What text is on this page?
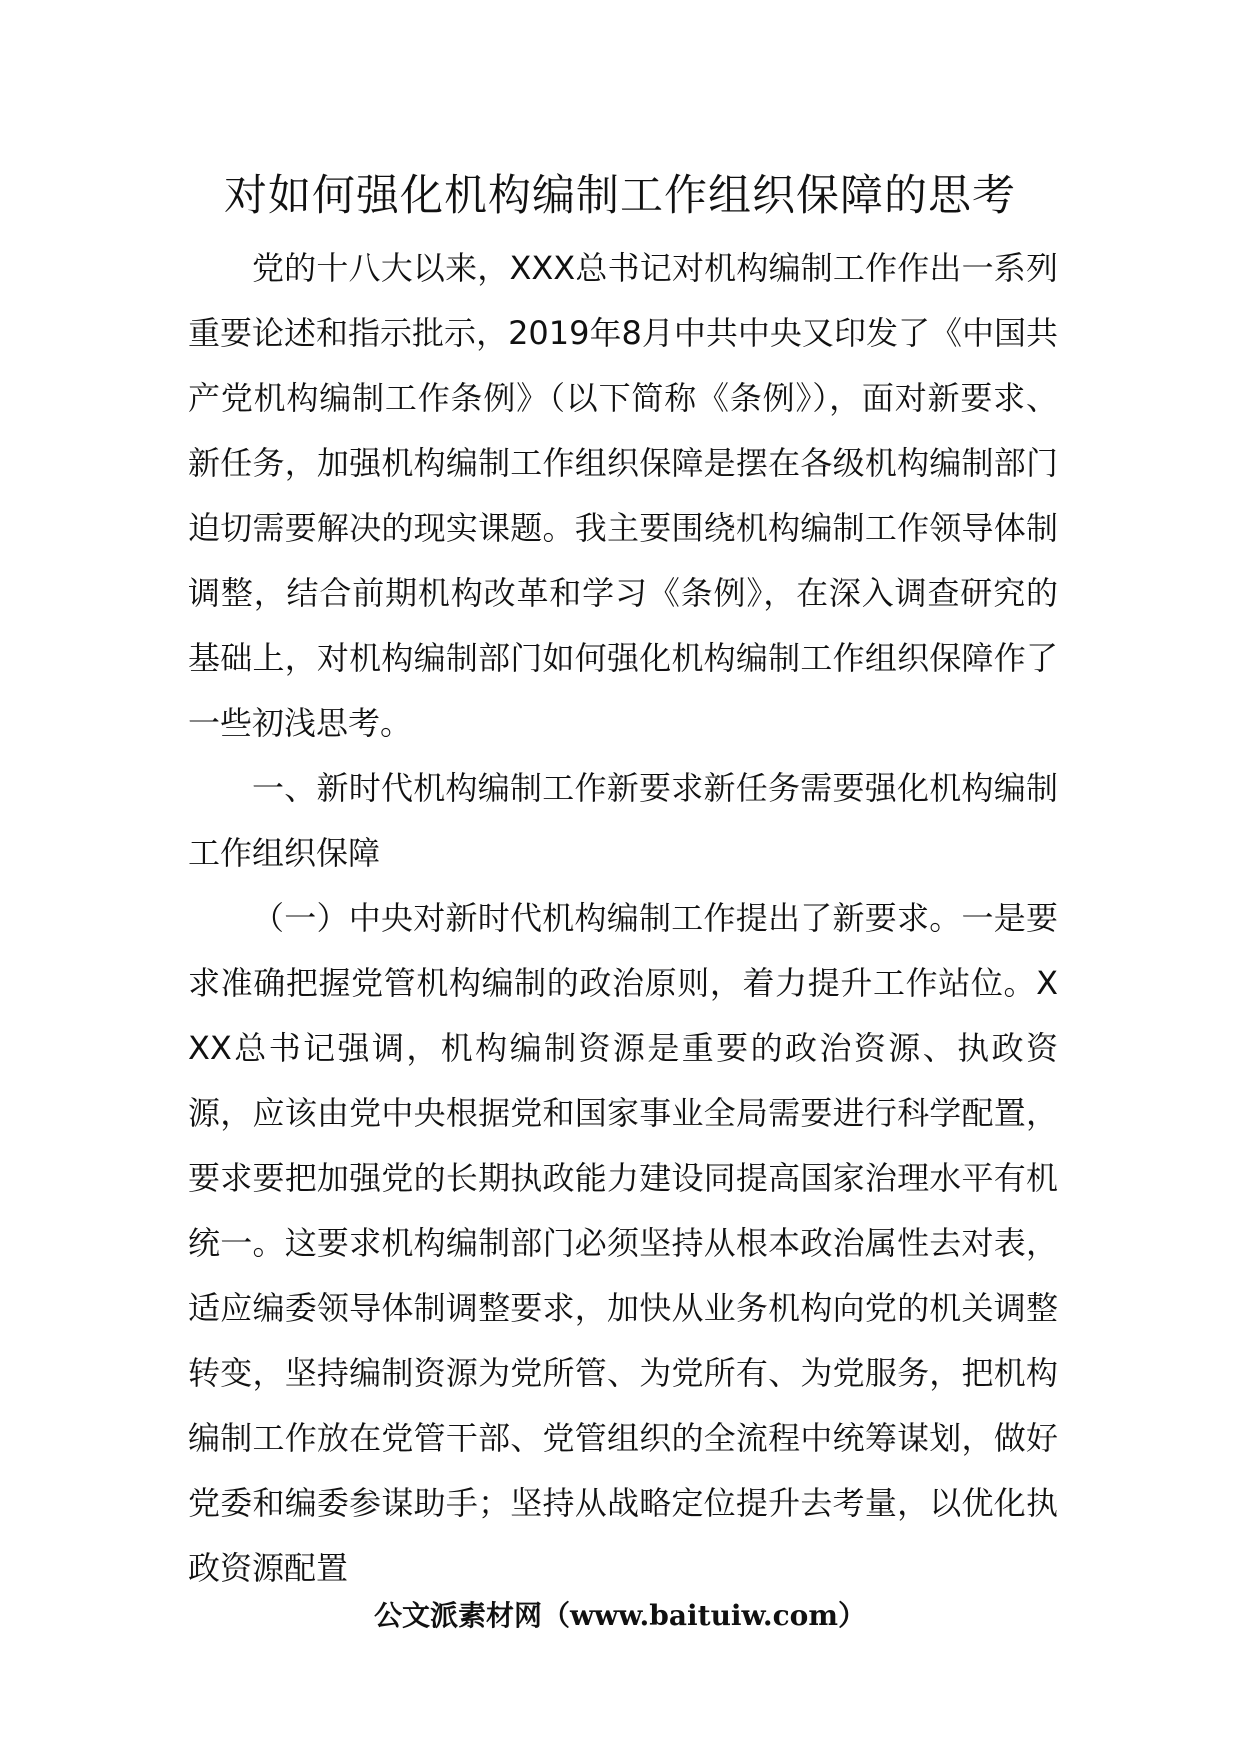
对如何强化机构编制工作组织保障的思考

党的十八大以来，XXX总书记对机构编制工作作出一系列重要论述和指示批示，2019年8月中共中央又印发了《中国共产党机构编制工作条例》（以下简称《条例》），面对新要求、新任务，加强机构编制工作组织保障是摆在各级机构编制部门迫切需要解决的现实课题。我主要围绕机构编制工作领导体制调整，结合前期机构改革和学习《条例》，在深入调查研究的基础上，对机构编制部门如何强化机构编制工作组织保障作了一些初浅思考。

一、新时代机构编制工作新要求新任务需要强化机构编制工作组织保障

（一）中央对新时代机构编制工作提出了新要求。一是要求准确把握党管机构编制的政治原则，着力提升工作站位。XXX总书记强调，机构编制资源是重要的政治资源、执政资源，应该由党中央根据党和国家事业全局需要进行科学配置，要求要把加强党的长期执政能力建设同提高国家治理水平有机统一。这要求机构编制部门必须坚持从根本政治属性去对表，适应编委领导体制调整要求，加快从业务机构向党的机关调整转变，坚持编制资源为党所管、为党所有、为党服务，把机构编制工作放在党管干部、党管组织的全流程中统筹谋划，做好党委和编委参谋助手；坚持从战略定位提升去考量，以优化执政资源配置

公文派素材网（www.baituiw.com）
